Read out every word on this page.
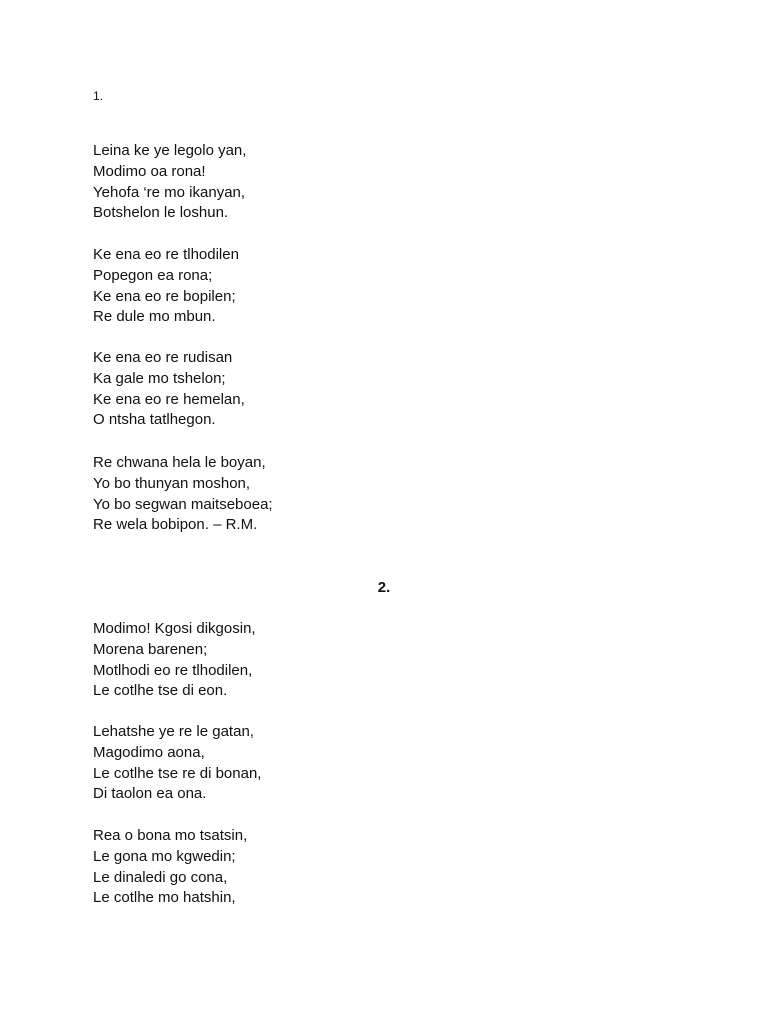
1.
Leina ke ye legolo yan,
Modimo oa rona!
Yehofa ‘re mo ikanyan,
Botshelon le loshun.
Ke ena eo re tlhodilen
Popegon ea rona;
Ke ena eo re bopilen;
Re dule mo mbun.
Ke ena eo re rudisan
Ka gale mo tshelon;
Ke ena eo re hemelan,
O ntsha tatlhegon.
Re chwana hela le boyan,
Yo bo thunyan moshon,
Yo bo segwan maitseboea;
Re wela bobipon. – R.M.
2.
Modimo! Kgosi dikgosin,
Morena barenen;
Motlhodi eo re tlhodilen,
Le cotlhe tse di eon.
Lehatshe ye re le gatan,
Magodimo aona,
Le cotlhe tse re di bonan,
Di taolon ea ona.
Rea o bona mo tsatsin,
Le gona mo kgwedin;
Le dinaledi go cona,
Le cotlhe mo hatshin,
